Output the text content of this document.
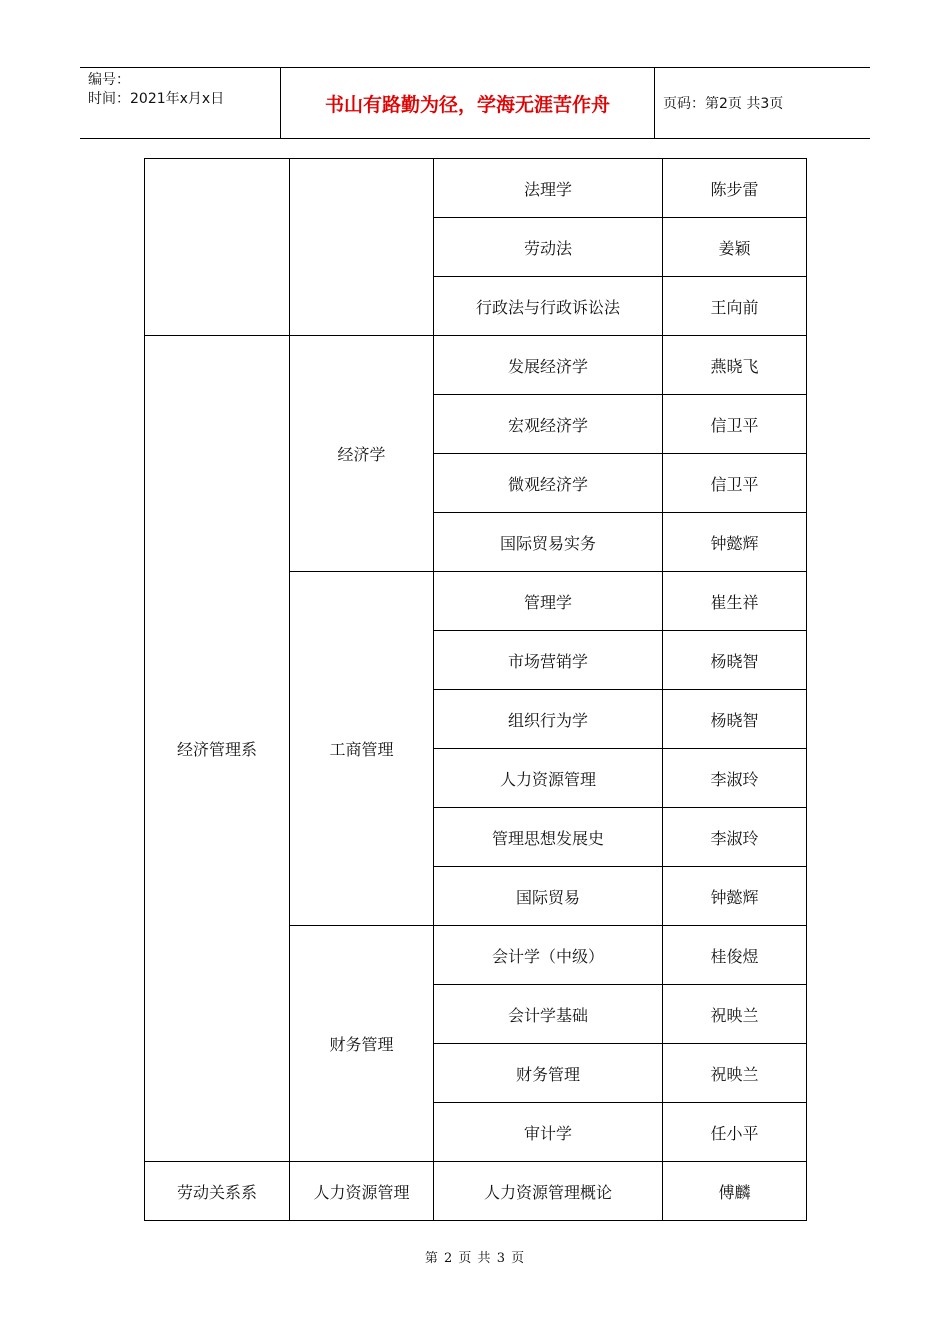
编号：
时间：2021年x月x日	书山有路勤为径，学海无涯苦作舟	页码：第2页 共3页
		法理学	陈步雷
		劳动法	姜颖
		行政法与行政诉讼法	王向前
经济管理系	经济学	发展经济学	燕晓飞
		宏观经济学	信卫平
		微观经济学	信卫平
		国际贸易实务	钟懿辉
	工商管理	管理学	崔生祥
		市场营销学	杨晓智
		组织行为学	杨晓智
		人力资源管理	李淑玲
		管理思想发展史	李淑玲
		国际贸易	钟懿辉
	财务管理	会计学（中级）	桂俊煜
		会计学基础	祝映兰
		财务管理	祝映兰
		审计学	任小平
劳动关系系	人力资源管理	人力资源管理概论	傅麟
第 2 页 共 3 页
